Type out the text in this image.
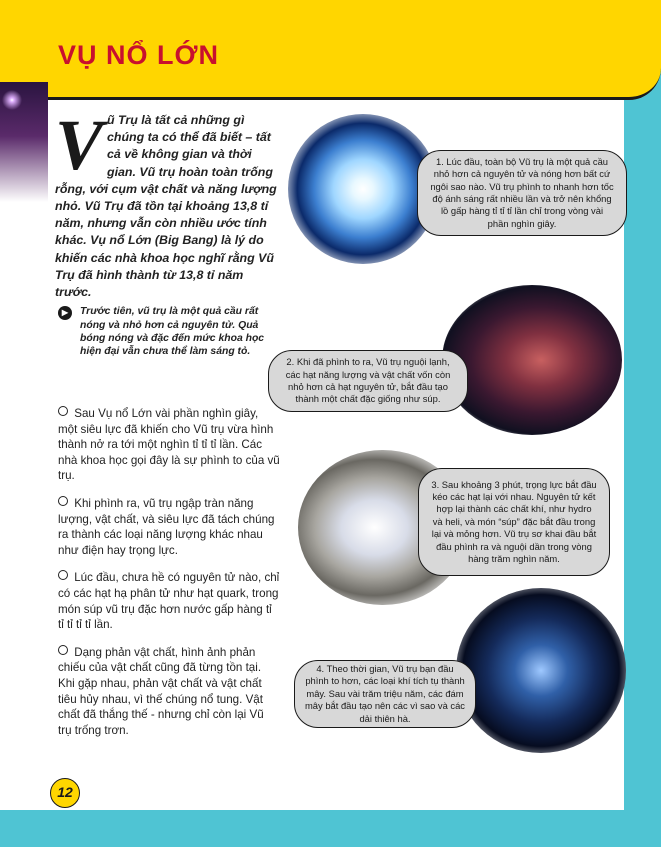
VỤ NỔ LỚN
V ũ Trụ là tất cả những gì chúng ta có thể đã biết – tất cả về không gian và thời gian. Vũ trụ hoàn toàn trống rỗng, với cụm vật chất và năng lượng nhỏ. Vũ Trụ đã tồn tại khoảng 13,8 tỉ năm, nhưng vẫn còn nhiều ước tính khác. Vụ nổ Lớn (Big Bang) là lý do khiến các nhà khoa học nghĩ rằng Vũ Trụ đã hình thành từ 13,8 tỉ năm trước.

▶	Trước tiên, vũ trụ là một quả cầu rất nóng và nhỏ hơn cả nguyên tử. Quả bóng nóng và đặc đến mức khoa học hiện đại vẫn chưa thể làm sáng tỏ.

Sau Vụ nổ Lớn vài phần nghìn giây, một siêu lực đã khiến cho Vũ trụ vừa hình thành nở ra tới một nghìn tỉ tỉ tỉ lần. Các nhà khoa học gọi đây là sự phình to của vũ trụ.

Khi phình ra, vũ trụ ngập tràn năng lượng, vật chất, và siêu lực đã tách chúng ra thành các loại năng lượng khác nhau như điện hay trọng lực.

Lúc đầu, chưa hề có nguyên tử nào, chỉ có các hạt hạ phân tử như hạt quark, trong món súp vũ trụ đặc hơn nước gấp hàng tỉ tỉ tỉ tỉ tỉ lần.

Dạng phản vật chất, hình ảnh phản chiếu của vật chất cũng đã từng tồn tại. Khi gặp nhau, phản vật chất và vật chất tiêu hủy nhau, vì thế chúng nổ tung. Vật chất đã thắng thế - nhưng chỉ còn lại Vũ trụ trống trơn.

1. Lúc đầu, toàn bộ Vũ trụ là một quả cầu nhỏ hơn cả nguyên tử và nóng hơn bất cứ ngôi sao nào. Vũ trụ phình to nhanh hơn tốc độ ánh sáng rất nhiều lần và trở nên khổng lồ gấp hàng tỉ tỉ tỉ lần chỉ trong vòng vài phần nghìn giây.
2. Khi đã phình to ra, Vũ trụ nguội lạnh, các hạt năng lượng và vật chất vốn còn nhỏ hơn cả hạt nguyên tử, bắt đầu tạo thành một chất đặc giống như súp.
3. Sau khoảng 3 phút, trọng lực bắt đầu kéo các hạt lại với nhau. Nguyên tử kết hợp lại thành các chất khí, như hydro và heli, và món “súp” đặc bắt đầu trong lại và mỏng hơn. Vũ trụ sơ khai đầu bắt đầu phình ra và nguội dần trong vòng hàng trăm nghìn năm.
4. Theo thời gian, Vũ trụ bạn đầu phình to hơn, các loại khí tích tụ thành mây. Sau vài trăm triệu năm, các đám mây bắt đầu tạo nên các vì sao và các dải thiên hà.
12
